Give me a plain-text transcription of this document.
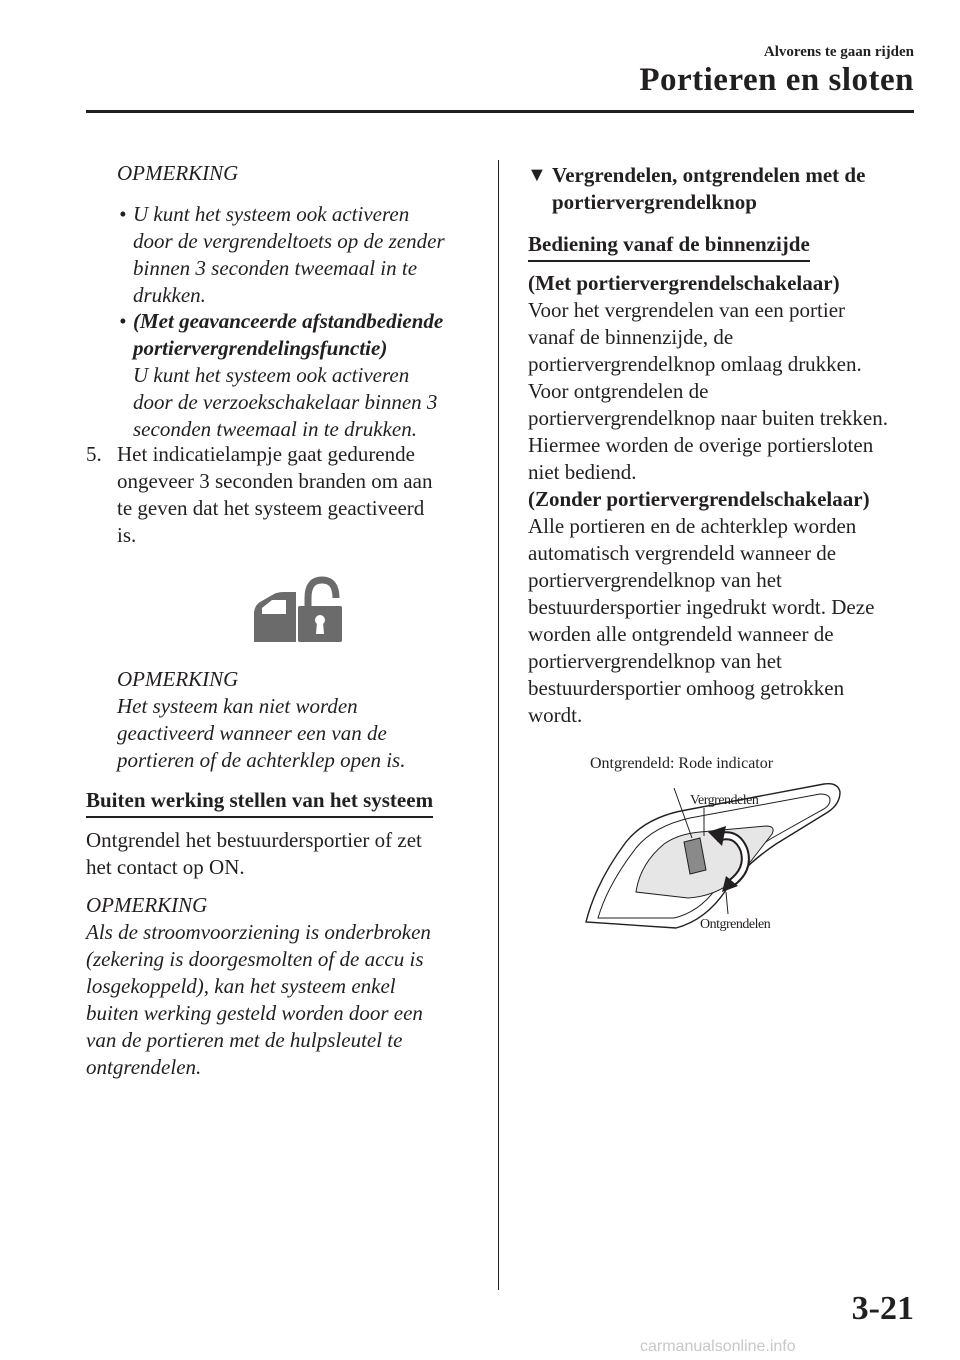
Alvorens te gaan rijden
Portieren en sloten
OPMERKING
• U kunt het systeem ook activeren
door de vergrendeltoets op de zender
binnen 3 seconden tweemaal in te
drukken.
• (Met geavanceerde afstandbediende
portiervergrendelingsfunctie)
U kunt het systeem ook activeren
door de verzoekschakelaar binnen 3
seconden tweemaal in te drukken.
5. Het indicatielampje gaat gedurende
ongeveer 3 seconden branden om aan
te geven dat het systeem geactiveerd
is.
OPMERKING
Het systeem kan niet worden
geactiveerd wanneer een van de
portieren of de achterklep open is.
Buiten werking stellen van het systeem
Ontgrendel het bestuurdersportier of zet
het contact op ON.
OPMERKING
Als de stroomvoorziening is onderbroken
(zekering is doorgesmolten of de accu is
losgekoppeld), kan het systeem enkel
buiten werking gesteld worden door een
van de portieren met de hulpsleutel te
ontgrendelen.
▼ Vergrendelen, ontgrendelen met de
portiervergrendelknop
Bediening vanaf de binnenzijde
(Met portiervergrendelschakelaar)
Voor het vergrendelen van een portier
vanaf de binnenzijde, de
portiervergrendelknop omlaag drukken.
Voor ontgrendelen de
portiervergrendelknop naar buiten trekken.
Hiermee worden de overige portiersloten
niet bediend.
(Zonder portiervergrendelschakelaar)
Alle portieren en de achterklep worden
automatisch vergrendeld wanneer de
portiervergrendelknop van het
bestuurdersportier ingedrukt wordt. Deze
worden alle ontgrendeld wanneer de
portiervergrendelknop van het
bestuurdersportier omhoog getrokken
wordt.
Ontgrendeld: Rode indicator
Vergrendelen
Ontgrendelen
3-21
carmanualsonline.info
